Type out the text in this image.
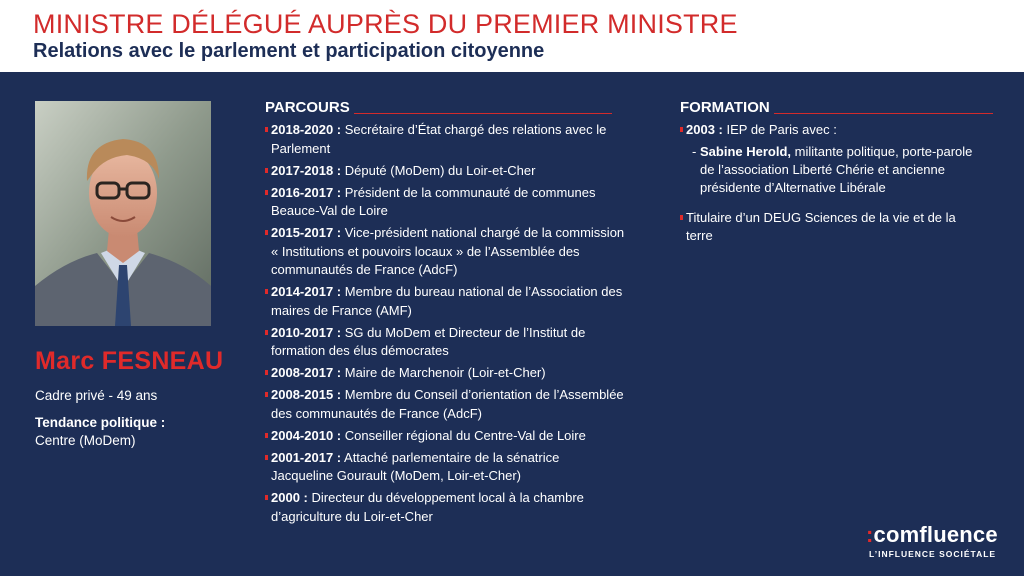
MINISTRE DÉLÉGUÉ AUPRÈS DU PREMIER MINISTRE
Relations avec le parlement et participation citoyenne
Marc FESNEAU
Cadre privé - 49 ans
Tendance politique :
Centre (MoDem)
PARCOURS
2018-2020 : Secrétaire d’État chargé des relations avec le Parlement
2017-2018 : Député (MoDem) du Loir-et-Cher
2016-2017 : Président de la communauté de communes Beauce-Val de Loire
2015-2017 : Vice-président national chargé de la commission « Institutions et pouvoirs locaux » de l’Assemblée des communautés de France (AdcF)
2014-2017 : Membre du bureau national de l’Association des maires de France (AMF)
2010-2017 : SG du MoDem et Directeur de l’Institut de formation des élus démocrates
2008-2017 : Maire de Marchenoir (Loir-et-Cher)
2008-2015 : Membre du Conseil d’orientation de l’Assemblée des communautés de France (AdcF)
2004-2010 : Conseiller régional du Centre-Val de Loire
2001-2017 : Attaché parlementaire de la sénatrice Jacqueline Gourault (MoDem, Loir-et-Cher)
2000 : Directeur du développement local à la chambre d’agriculture du Loir-et-Cher
FORMATION
2003 : IEP de Paris avec :
- Sabine Herold, militante politique, porte-parole de l’association Liberté Chérie et ancienne présidente d’Alternative Libérale
Titulaire d’un DEUG Sciences de la vie et de la terre
:comfluence
L’INFLUENCE SOCIÉTALE
